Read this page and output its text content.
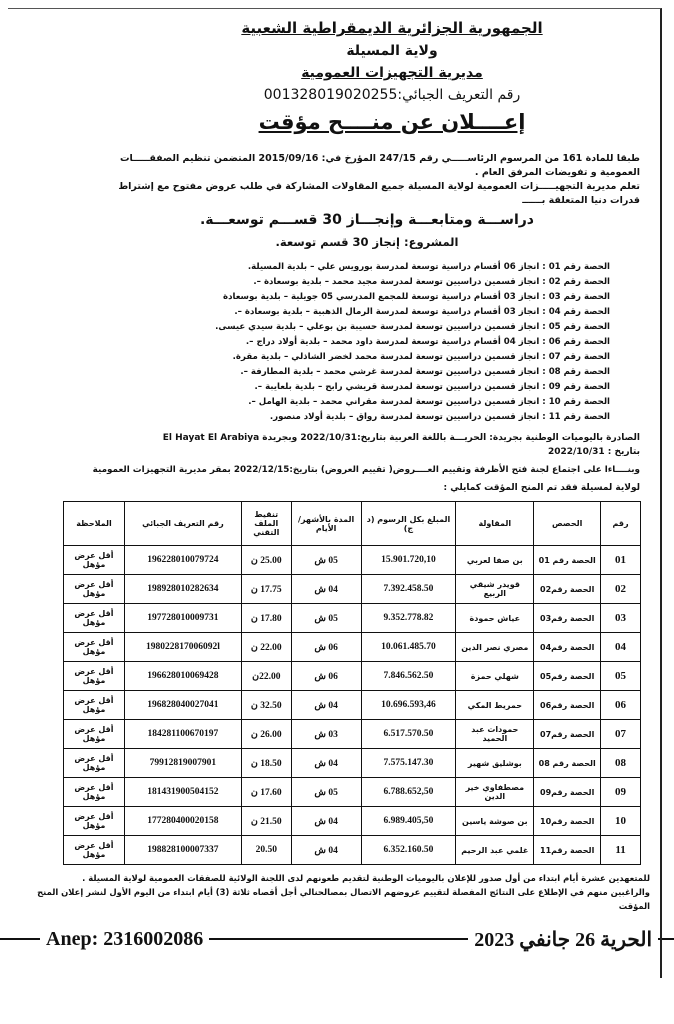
الجمهورية الجزائرية الديمقراطية الشعبية
ولاية المسيلة
مديرية التجهيزات العمومية
رقم التعريف الجبائي:001328019020255
إعــــلان عن منــــح مؤقت
طبقا للمادة 161 من المرسوم الرئاســـــي رقم 247/15 المؤرخ في: 2015/09/16 المتضمن تنظيم الصفقـــــات
العمومية و تفويضات المرفق العام .
تعلم مديرية التجهيـــــزات العمومية لولاية المسيلة جميع المقاولات المشاركة في طلب عروض مفتوح مع إشتراط
قدرات دنيا المتعلقة بــــــ
دراســـة ومتابعـــة وإنجـــاز 30 قســـم توسعـــة.
المشروع: إنجاز 30 قسم توسعة.
الحصة رقم 01 : انجاز 06 أقسام دراسية توسعة لمدرسة بورويس علي – بلدية المسيلة.
الحصة رقم 02 : انجاز قسمين دراسيين توسعة لمدرسة مجيد محمد – بلدية بوسعادة –.
الحصة رقم 03 : انجاز 03 أقسام دراسية توسعة للمجمع المدرسي 05 جويلية – بلدية بوسعادة
الحصة رقم 04 : انجاز 03 أقسام دراسية توسعة لمدرسة الرمال الذهبية – بلدية بوسعادة –.
الحصة رقم 05 : انجاز قسمين دراسيين توسعة لمدرسة حسيبة بن بوعلي – بلدية سيدي عيسى.
الحصة رقم 06 : انجاز 04 أقسام دراسية توسعة لمدرسة داود محمد – بلدية أولاد دراج –.
الحصة رقم 07 : انجاز قسمين دراسيين توسعة لمدرسة محمد لخضر الشاذلي – بلدية مقرة.
الحصة رقم 08 : انجاز قسمين دراسيين توسعة لمدرسة غرشي محمد – بلدية المطارفة –.
الحصة رقم 09 : انجاز قسمين دراسيين توسعة لمدرسة قريشي رابح – بلدية بلعايبة –.
الحصة رقم 10 : انجاز قسمين دراسيين توسعة لمدرسة مقراني محمد – بلدية الهامل –.
الحصة رقم 11 : انجاز قسمين دراسيين توسعة لمدرسة رواق – بلدية أولاد منصور.
الصادرة باليوميات الوطنية بجريدة: الحريـــة باللغة العربية بتاريخ:2022/10/31 وبجريدة El Hayat El Arabiya
بتاريخ : 2022/10/31
وبنــــاءا على اجتماع لجنة فتح الأظرفة وتقييم العــــروض( تقييم العروض) بتاريخ:2022/12/15 بمقر مديرية التجهيزات العمومية
لولاية لمسيلة فقد تم المنح المؤقت كمايلي :
رقم	الحصص	المقاولة	المبلغ بكل الرسوم (د ج)	المدة بالأشهر/ الأيام	تنقيط الملف التقني	رقم التعريف الجبائي	الملاحظة
01	الحصة رقم 01	بن صفا لعربي	15.901.720,10	05 ش	25.00 ن	196228010079724	أقل عرض مؤهل
02	الحصة رقم02	قويدر شيقي الربيع	7.392.458.50	04 ش	17.75 ن	198928010282634	أقل عرض مؤهل
03	الحصة رقم03	عياش حمودة	9.352.778.82	05 ش	17.80 ن	197728010009731	أقل عرض مؤهل
04	الحصة رقم04	مصري نصر الدين	10.061.485.70	06 ش	22.00 ن	198022817006092l	أقل عرض مؤهل
05	الحصة رقم05	شهلي حمزة	7.846.562.50	06 ش	22.00ن	196628010069428	أقل عرض مؤهل
06	الحصة رقم06	حمريط المكي	10.696.593,46	04 ش	32.50 ن	196828040027041	أقل عرض مؤهل
07	الحصة رقم07	حمودات عبد الحميد	6.517.570.50	03 ش	26.00 ن	184281100670197	أقل عرض مؤهل
08	الحصة رقم 08	بوشليق شهير	7.575.147.30	04 ش	18.50 ن	79912819007901	أقل عرض مؤهل
09	الحصة رقم09	مصطفاوي خير الدين	6.788.652,50	05 ش	17.60 ن	181431900504152	أقل عرض مؤهل
10	الحصة رقم10	بن صوشة ياسين	6.989.405,50	04 ش	21.50 ن	177280400020158	أقل عرض مؤهل
11	الحصة رقم11	غلمي عبد الرحيم	6.352.160.50	04 ش	20.50	198828100007337	أقل عرض مؤهل
للمتعهدين عشرة أيام ابتداء من أول صدور للإعلان باليوميات الوطنية لتقديم طعونهم لدى اللجنة الولائية للصفقات العمومية لولاية المسيلة .
والراغبين منهم في الإطلاع على النتائج المفصلة لتقييم عروضهم الاتصال بمصالحنالي أجل أقصاه ثلاثة (3) أيام ابتداء من اليوم الأول لنشر إعلان المنح
المؤقت
Anep: 2316002086	الحرية 26 جانفي 2023
